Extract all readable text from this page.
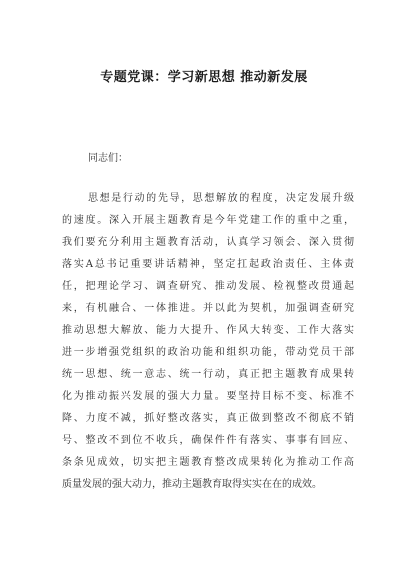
专题党课：学习新思想 推动新发展
同志们：
思想是行动的先导，思想解放的程度，决定发展升级
的速度。深入开展主题教育是今年党建工作的重中之重，
我们要充分利用主题教育活动，认真学习领会、深入贯彻
落实A总书记重要讲话精神，坚定扛起政治责任、主体责
任，把理论学习、调查研究、推动发展、检视整改贯通起
来，有机融合、一体推进。并以此为契机，加强调查研究
推动思想大解放、能力大提升、作风大转变、工作大落实
进一步增强党组织的政治功能和组织功能，带动党员干部
统一思想、统一意志、统一行动，真正把主题教育成果转
化为推动振兴发展的强大力量。要坚持目标不变、标准不
降、力度不减，抓好整改落实，真正做到整改不彻底不销
号、整改不到位不收兵，确保件件有落实、事事有回应、
条条见成效，切实把主题教育整改成果转化为推动工作高
质量发展的强大动力，推动主题教育取得实实在在的成效。
